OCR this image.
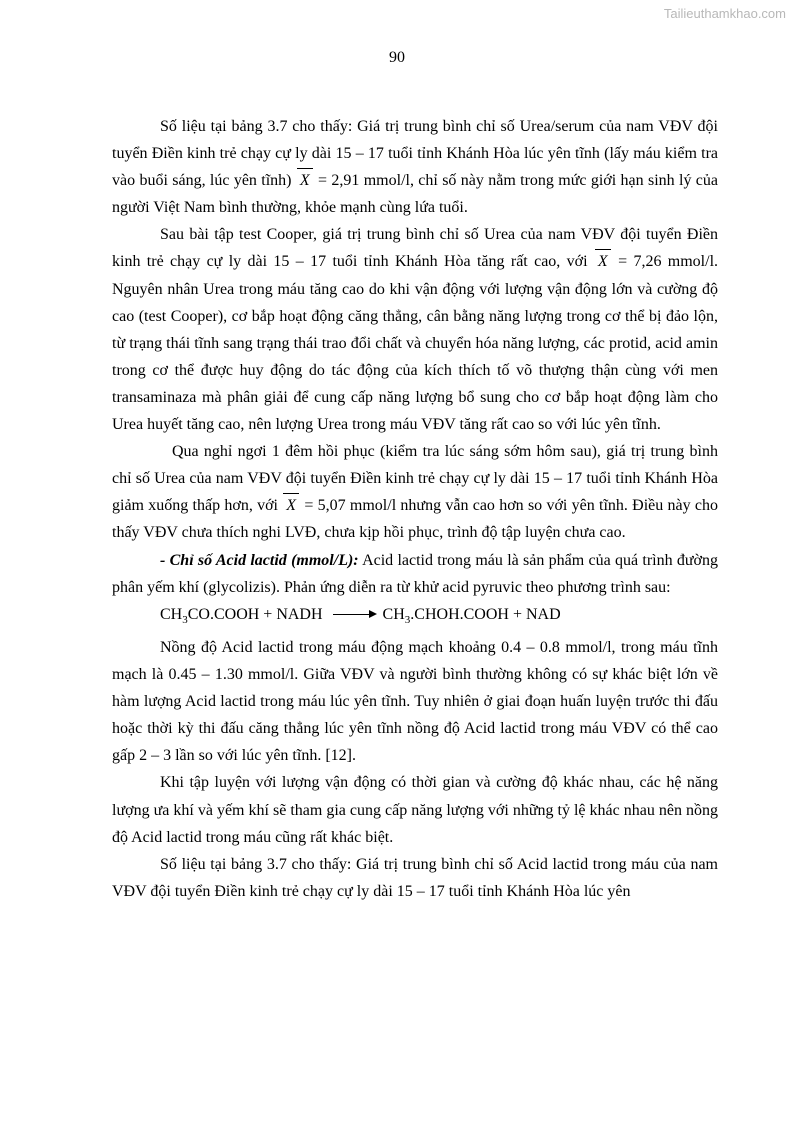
Tailieuthamkhao.com
90

Số liệu tại bảng 3.7 cho thấy: Giá trị trung bình chỉ số Urea/serum của nam VĐV đội tuyển Điền kinh trẻ chạy cự ly dài 15 – 17 tuổi tỉnh Khánh Hòa lúc yên tĩnh (lấy máu kiểm tra vào buổi sáng, lúc yên tĩnh) X = 2,91 mmol/l, chỉ số này nằm trong mức giới hạn sinh lý của người Việt Nam bình thường, khỏe mạnh cùng lứa tuổi.

Sau bài tập test Cooper, giá trị trung bình chỉ số Urea của nam VĐV đội tuyển Điền kinh trẻ chạy cự ly dài 15 – 17 tuổi tỉnh Khánh Hòa tăng rất cao, với X = 7,26 mmol/l. Nguyên nhân Urea trong máu tăng cao do khi vận động với lượng vận động lớn và cường độ cao (test Cooper), cơ bắp hoạt động căng thẳng, cân bằng năng lượng trong cơ thể bị đảo lộn, từ trạng thái tĩnh sang trạng thái trao đổi chất và chuyển hóa năng lượng, các protid, acid amin trong cơ thể được huy động do tác động của kích thích tố võ thượng thận cùng với men transaminaza mà phân giải để cung cấp năng lượng bổ sung cho cơ bắp hoạt động làm cho Urea huyết tăng cao, nên lượng Urea trong máu VĐV tăng rất cao so với lúc yên tĩnh.

Qua nghỉ ngơi 1 đêm hồi phục (kiểm tra lúc sáng sớm hôm sau), giá trị trung bình chỉ số Urea của nam VĐV đội tuyển Điền kinh trẻ chạy cự ly dài 15 – 17 tuổi tỉnh Khánh Hòa giảm xuống thấp hơn, với X = 5,07 mmol/l nhưng vẫn cao hơn so với yên tĩnh. Điều này cho thấy VĐV chưa thích nghi LVĐ, chưa kịp hồi phục, trình độ tập luyện chưa cao.

- Chỉ số Acid lactid (mmol/L): Acid lactid trong máu là sản phẩm của quá trình đường phân yếm khí (glycolizis). Phản ứng diễn ra từ khử acid pyruvic theo phương trình sau:

$CH_3CO.COOH$ + NADH	$CH_3.CHOH.COOH$ + NAD

Nồng độ Acid lactid trong máu động mạch khoảng 0.4 – 0.8 mmol/l, trong máu tĩnh mạch là 0.45 – 1.30 mmol/l. Giữa VĐV và người bình thường không có sự khác biệt lớn về hàm lượng Acid lactid trong máu lúc yên tĩnh. Tuy nhiên ở giai đoạn huấn luyện trước thi đấu hoặc thời kỳ thi đấu căng thẳng lúc yên tĩnh nồng độ Acid lactid trong máu VĐV có thể cao gấp 2 – 3 lần so với lúc yên tĩnh. [12].

Khi tập luyện với lượng vận động có thời gian và cường độ khác nhau, các hệ năng lượng ưa khí và yếm khí sẽ tham gia cung cấp năng lượng với những tỷ lệ khác nhau nên nồng độ Acid lactid trong máu cũng rất khác biệt.

Số liệu tại bảng 3.7 cho thấy: Giá trị trung bình chỉ số Acid lactid trong máu của nam VĐV đội tuyển Điền kinh trẻ chạy cự ly dài 15 – 17 tuổi tỉnh Khánh Hòa lúc yên
